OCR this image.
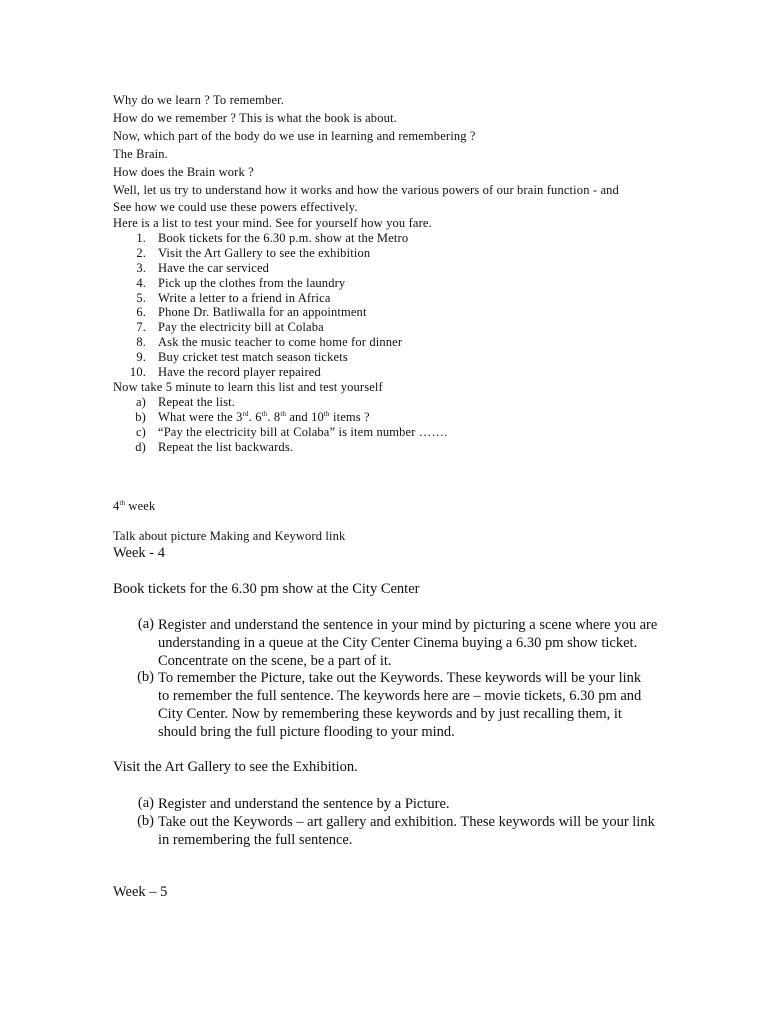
Why do we learn ? To remember.
How do we remember ? This is what the book is about.
Now, which part of the body do we use in learning and remembering ?
The Brain.
How does the Brain work ?
Well, let us try to understand how it works and how the various powers of our brain function - and
See how we could use these powers effectively.
Here is a list to test your mind. See for yourself how you fare.
1. Book tickets for the 6.30 p.m. show at the Metro
2. Visit the Art Gallery to see the exhibition
3. Have the car serviced
4. Pick up the clothes from the laundry
5. Write a letter to a friend in Africa
6. Phone Dr. Batliwalla for an appointment
7. Pay the electricity bill at Colaba
8. Ask the music teacher to come home for dinner
9. Buy cricket test match season tickets
10. Have the record player repaired
Now take 5 minute to learn this list and test yourself
a) Repeat the list.
b) What were the 3rd. 6th. 8th and 10th items ?
c) “Pay the electricity bill at Colaba” is item number …….
d) Repeat the list backwards.
4th week
Talk about picture Making and Keyword link
Week - 4
Book tickets for the 6.30 pm show at the City Center
(a) Register and understand the sentence in your mind by picturing a scene where you are understanding in a queue at the City Center Cinema buying a 6.30 pm show ticket. Concentrate on the scene, be a part of it.
(b) To remember the Picture, take out the Keywords. These keywords will be your link to remember the full sentence. The keywords here are – movie tickets, 6.30 pm and City Center. Now by remembering these keywords and by just recalling them, it should bring the full picture flooding to your mind.
Visit the Art Gallery to see the Exhibition.
(a) Register and understand the sentence by a Picture.
(b) Take out the Keywords – art gallery and exhibition. These keywords will be your link in remembering the full sentence.
Week – 5
